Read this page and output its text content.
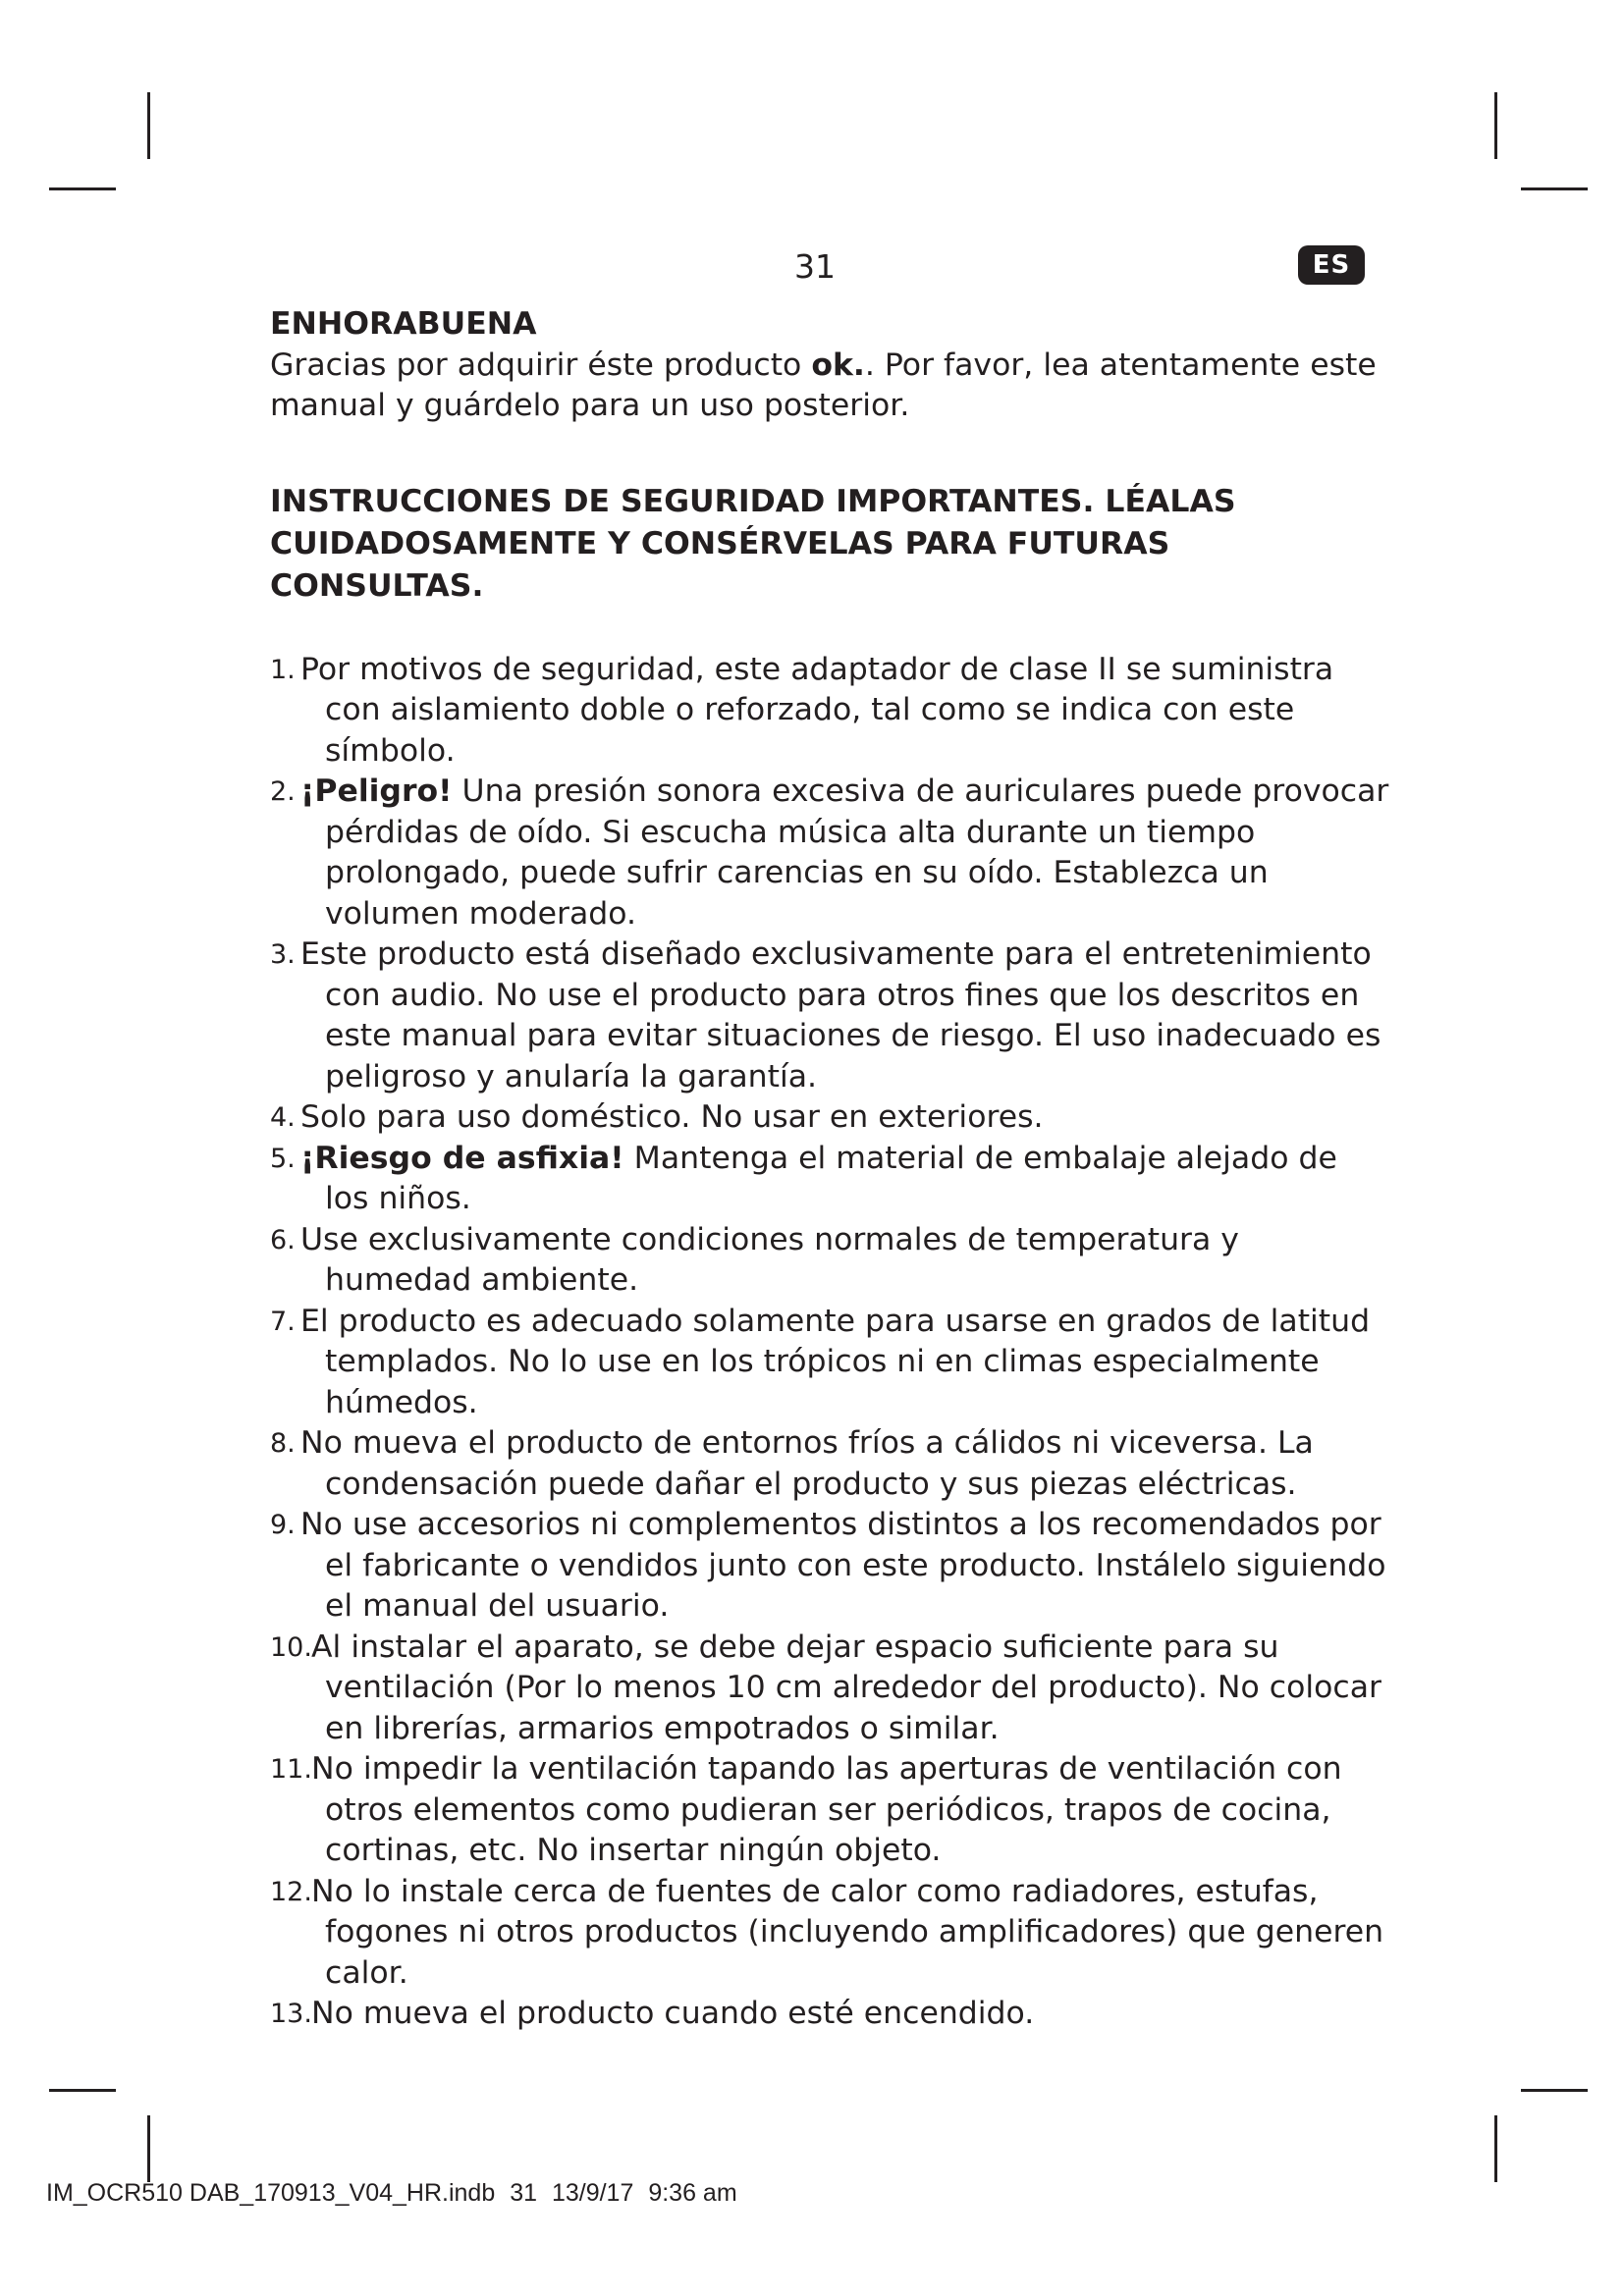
31	ES

ENHORABUENA

Gracias por adquirir éste producto ok.. Por favor, lea atentamente este manual y guárdelo para un uso posterior.

INSTRUCCIONES DE SEGURIDAD IMPORTANTES. LÉALAS
CUIDADOSAMENTE Y CONSÉRVELAS PARA FUTURAS CONSULTAS.

1. Por motivos de seguridad, este adaptador de clase II se suministra con aislamiento doble o reforzado, tal como se indica con este símbolo.
2. ¡Peligro! Una presión sonora excesiva de auriculares puede provocar pérdidas de oído. Si escucha música alta durante un tiempo prolongado, puede sufrir carencias en su oído. Establezca un volumen moderado.
3. Este producto está diseñado exclusivamente para el entretenimiento con audio. No use el producto para otros fines que los descritos en este manual para evitar situaciones de riesgo. El uso inadecuado es peligroso y anularía la garantía.
4. Solo para uso doméstico. No usar en exteriores.
5. ¡Riesgo de asfixia! Mantenga el material de embalaje alejado de los niños.
6. Use exclusivamente condiciones normales de temperatura y humedad ambiente.
7. El producto es adecuado solamente para usarse en grados de latitud templados. No lo use en los trópicos ni en climas especialmente húmedos.
8. No mueva el producto de entornos fríos a cálidos ni viceversa. La condensación puede dañar el producto y sus piezas eléctricas.
9. No use accesorios ni complementos distintos a los recomendados por el fabricante o vendidos junto con este producto. Instálelo siguiendo el manual del usuario.
10. Al instalar el aparato, se debe dejar espacio suficiente para su ventilación (Por lo menos 10 cm alrededor del producto). No colocar en librerías, armarios empotrados o similar.
11. No impedir la ventilación tapando las aperturas de ventilación con otros elementos como pudieran ser periódicos, trapos de cocina, cortinas, etc. No insertar ningún objeto.
12. No lo instale cerca de fuentes de calor como radiadores, estufas, fogones ni otros productos (incluyendo amplificadores) que generen calor.
13. No mueva el producto cuando esté encendido.
IM_OCR510 DAB_170913_V04_HR.indb 31 13/9/17 9:36 am
